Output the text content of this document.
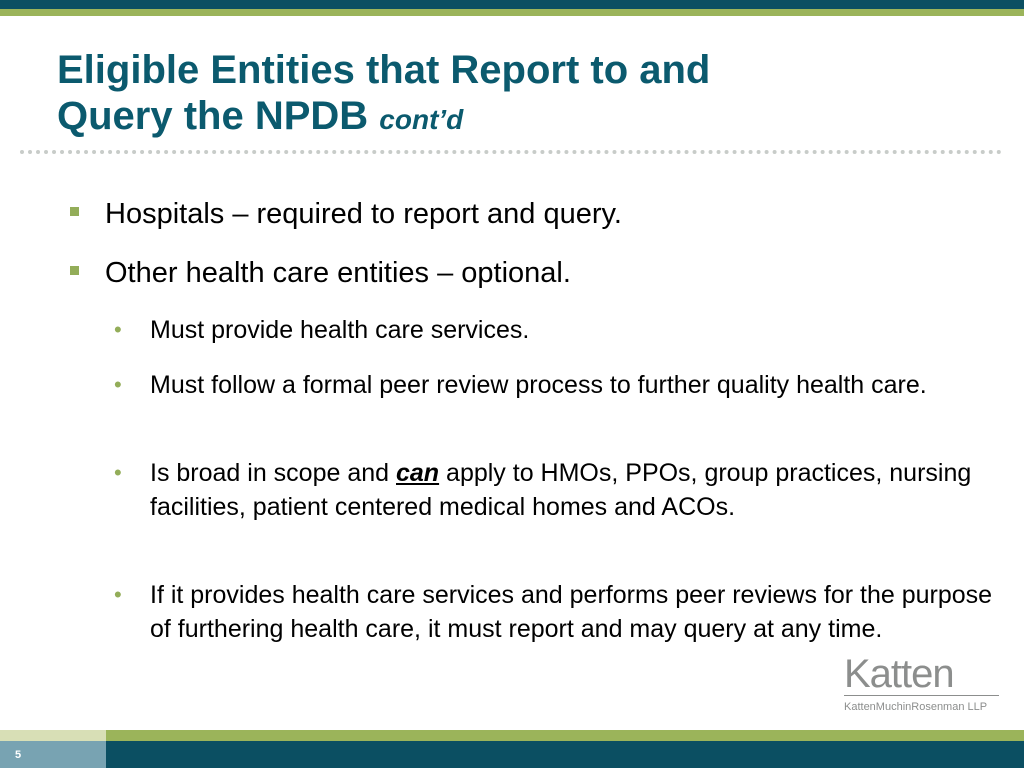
Eligible Entities that Report to and
Query the NPDB cont’d
Hospitals – required to report and query.
Other health care entities – optional.
• Must provide health care services.
• Must follow a formal peer review process to further quality health care.
• Is broad in scope and can apply to HMOs, PPOs, group practices, nursing facilities, patient centered medical homes and ACOs.
• If it provides health care services and performs peer reviews for the purpose of furthering health care, it must report and may query at any time.
Katten
KattenMuchinRosenman LLP
5
